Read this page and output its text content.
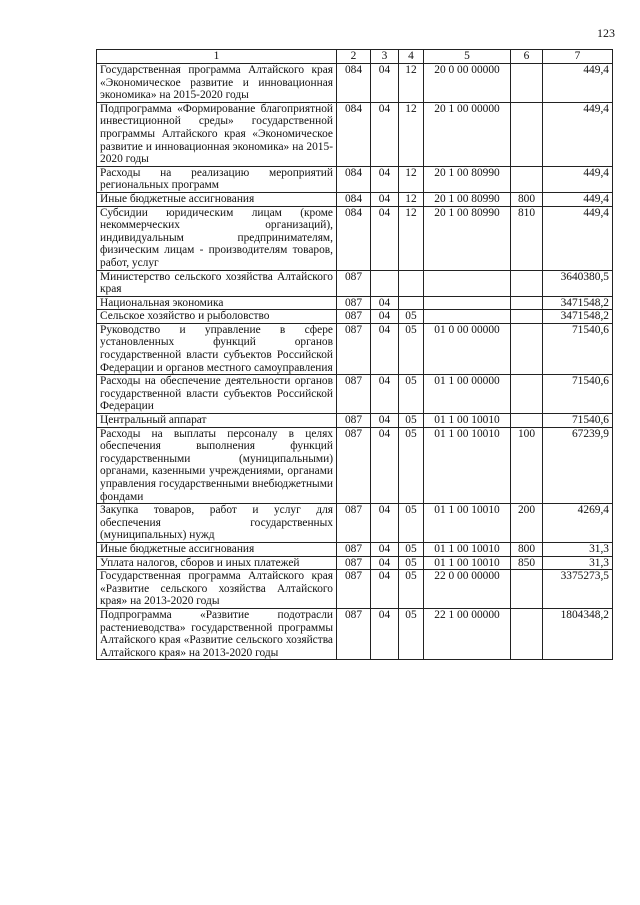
123
1	2	3	4	5	6	7
Государственная программа Алтайского края «Экономическое развитие и инновационная экономика» на 2015-2020 годы	084	04	12	20 0 00 00000		449,4
Подпрограмма «Формирование благоприятной инвестиционной среды» государственной программы Алтайского края «Экономическое развитие и инновационная экономика» на 2015-2020 годы	084	04	12	20 1 00 00000		449,4
Расходы на реализацию мероприятий региональных программ	084	04	12	20 1 00 80990		449,4
Иные бюджетные ассигнования	084	04	12	20 1 00 80990	800	449,4
Субсидии юридическим лицам (кроме некоммерческих организаций), индивидуальным предпринимателям, физическим лицам - производителям товаров, работ, услуг	084	04	12	20 1 00 80990	810	449,4
Министерство сельского хозяйства Алтайского края	087					3640380,5
Национальная экономика	087	04				3471548,2
Сельское хозяйство и рыболовство	087	04	05			3471548,2
Руководство и управление в сфере установленных функций органов государственной власти субъектов Российской Федерации и органов местного самоуправления	087	04	05	01 0 00 00000		71540,6
Расходы на обеспечение деятельности органов государственной власти субъектов Российской Федерации	087	04	05	01 1 00 00000		71540,6
Центральный аппарат	087	04	05	01 1 00 10010		71540,6
Расходы на выплаты персоналу в целях обеспечения выполнения функций государственными (муниципальными) органами, казенными учреждениями, органами управления государственными внебюджетными фондами	087	04	05	01 1 00 10010	100	67239,9
Закупка товаров, работ и услуг для обеспечения государственных (муниципальных) нужд	087	04	05	01 1 00 10010	200	4269,4
Иные бюджетные ассигнования	087	04	05	01 1 00 10010	800	31,3
Уплата налогов, сборов и иных платежей	087	04	05	01 1 00 10010	850	31,3
Государственная программа Алтайского края «Развитие сельского хозяйства Алтайского края» на 2013-2020 годы	087	04	05	22 0 00 00000		3375273,5
Подпрограмма «Развитие подотрасли растениеводства» государственной программы Алтайского края «Развитие сельского хозяйства Алтайского края» на 2013-2020 годы	087	04	05	22 1 00 00000		1804348,2
